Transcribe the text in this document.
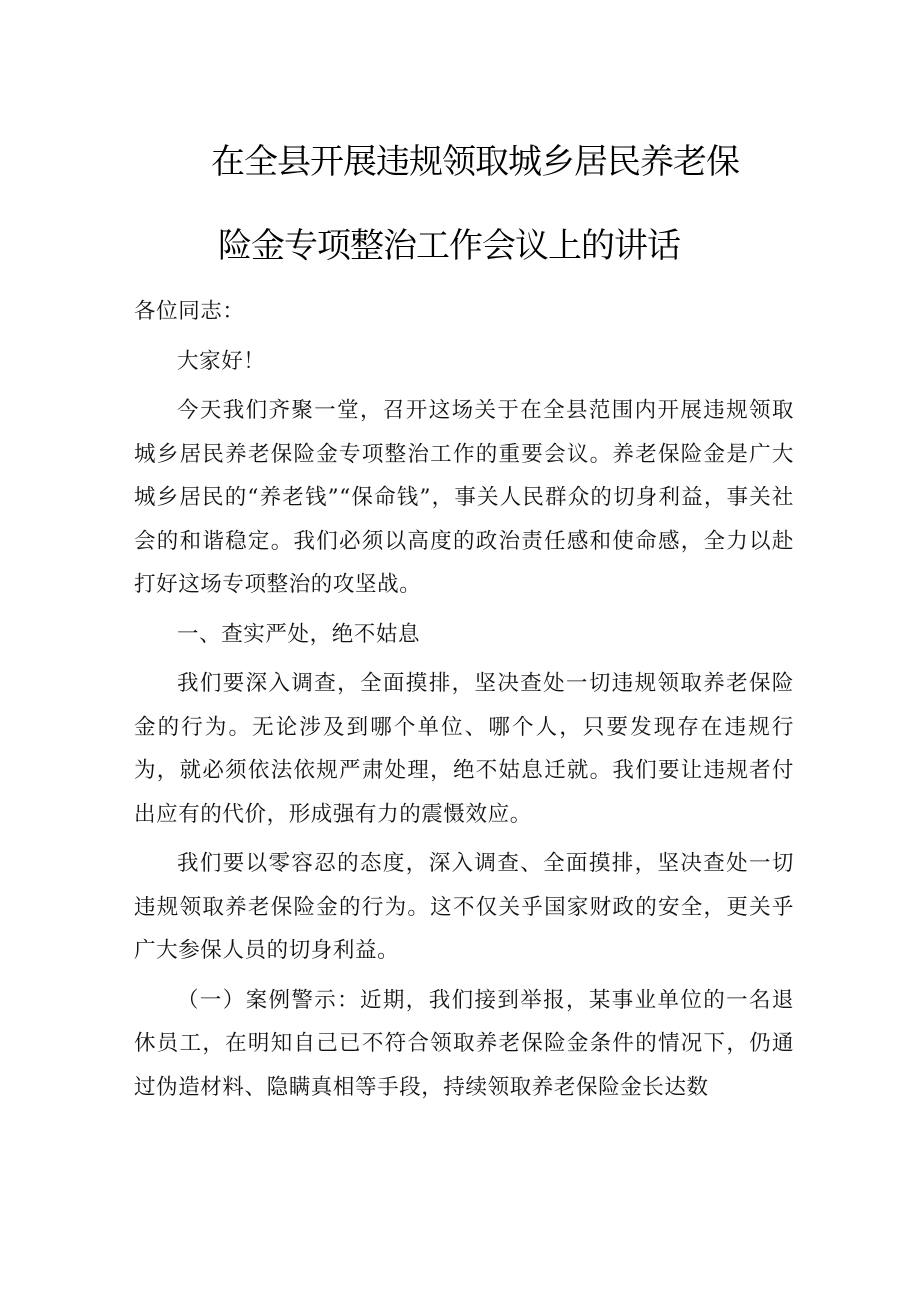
在全县开展违规领取城乡居民养老保
险金专项整治工作会议上的讲话

各位同志：

大家好！

今天我们齐聚一堂，召开这场关于在全县范围内开展违规领取城乡居民养老保险金专项整治工作的重要会议。养老保险金是广大城乡居民的“养老钱”“保命钱”，事关人民群众的切身利益，事关社会的和谐稳定。我们必须以高度的政治责任感和使命感，全力以赴打好这场专项整治的攻坚战。

一、查实严处，绝不姑息

我们要深入调查，全面摸排，坚决查处一切违规领取养老保险金的行为。无论涉及到哪个单位、哪个人，只要发现存在违规行为，就必须依法依规严肃处理，绝不姑息迁就。我们要让违规者付出应有的代价，形成强有力的震慑效应。

我们要以零容忍的态度，深入调查、全面摸排，坚决查处一切违规领取养老保险金的行为。这不仅关乎国家财政的安全，更关乎广大参保人员的切身利益。

（一）案例警示：近期，我们接到举报，某事业单位的一名退休员工，在明知自己已不符合领取养老保险金条件的情况下，仍通过伪造材料、隐瞒真相等手段，持续领取养老保险金长达数
